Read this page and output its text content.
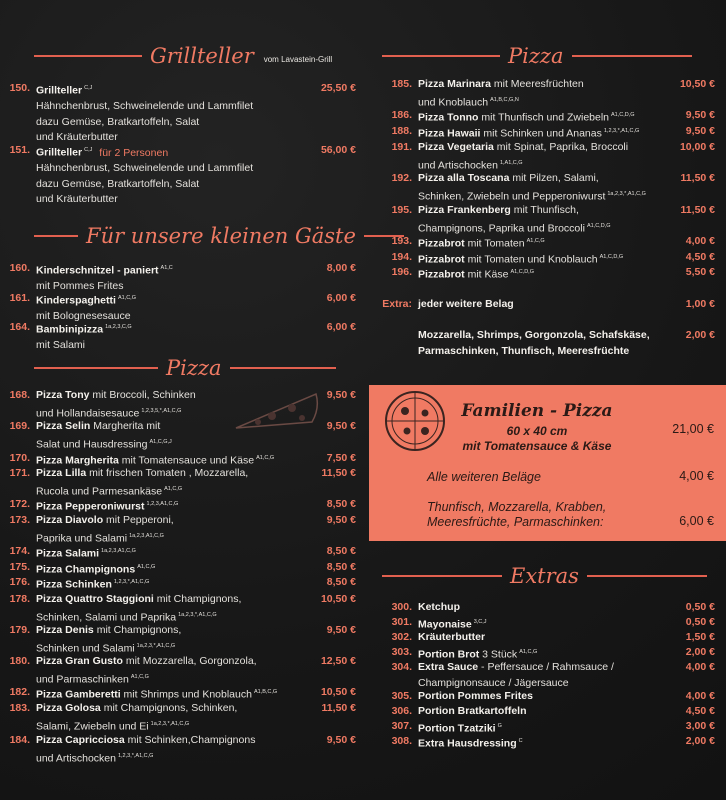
Grillteller	vom Lavastein-Grill
150. Grillteller $^{C,J}$
Hähnchenbrust, Schweinelende und Lammfilet
dazu Gemüse, Bratkartoffeln, Salat
und Kräuterbutter
25,50 €
151. Grillteller $^{C,J}$ für 2 Personen
Hähnchenbrust, Schweinelende und Lammfilet
dazu Gemüse, Bratkartoffeln, Salat
und Kräuterbutter
56,00 €
Für unsere kleinen Gäste
160. Kinderschnitzel - paniert $^{A1,C}$
mit Pommes Frites
8,00 €
161. Kinderspaghetti $^{A1,C,G}$
mit Bolognesesauce
6,00 €
164. Bambinipizza $^{1a,2,3,C,G}$
mit Salami
6,00 €
Pizza
168. Pizza Tony mit Broccoli, Schinken
und Hollandaisesauce $^{1,2,3,5,*,A1,C,G}$
9,50 €
169. Pizza Selin Margherita mit
Salat und Hausdressing $^{A1,C,G,J}$
9,50 €
170. Pizza Margherita mit Tomatensauce und Käse $^{A1,C,G}$	7,50 €
171. Pizza Lilla mit frischen Tomaten , Mozzarella,
Rucola und Parmesankäse $^{A1,C,G}$
11,50 €
172. Pizza Pepperoniwurst $^{1,2,3,A1,C,G}$	8,50 €
173. Pizza Diavolo mit Pepperoni,
Paprika und Salami $^{1a,2,3,A1,C,G}$
9,50 €
174. Pizza Salami $^{1a,2,3,A1,C,G}$	8,50 €
175. Pizza Champignons $^{A1,C,G}$	8,50 €
176. Pizza Schinken $^{1,2,3,*,A1,C,G}$	8,50 €
178. Pizza Quattro Staggioni mit Champignons,
Schinken, Salami und Paprika $^{1a,2,3,*,A1,C,G}$
10,50 €
179. Pizza Denis mit Champignons,
Schinken und Salami $^{1a,2,3,*,A1,C,G}$
9,50 €
180. Pizza Gran Gusto mit Mozzarella, Gorgonzola,
und Parmaschinken $^{A1,C,G}$
12,50 €
182. Pizza Gamberetti mit Shrimps und Knoblauch $^{A1,B,C,G}$	10,50 €
183. Pizza Golosa mit Champignons, Schinken,
Salami, Zwiebeln und Ei $^{1a,2,3,*,A1,C,G}$
11,50 €
184. Pizza Capricciosa mit Schinken,Champignons
und Artischocken $^{1,2,3,*,A1,C,G}$
9,50 €
Pizza
185. Pizza Marinara mit Meeresfrüchten
und Knoblauch $^{A1,B,C,G,N}$
10,50 €
186. Pizza Tonno mit Thunfisch und Zwiebeln $^{A1,C,D,G}$	9,50 €
188. Pizza Hawaii mit Schinken und Ananas $^{1,2,3,*,A1,C,G}$	9,50 €
191. Pizza Vegetaria mit Spinat, Paprika, Broccoli
und Artischocken $^{1,A1,C,G}$
10,00 €
192. Pizza alla Toscana mit Pilzen, Salami,
Schinken, Zwiebeln und Pepperoniwurst $^{1a,2,3,*,A1,C,G}$
11,50 €
195. Pizza Frankenberg mit Thunfisch,
Champignons, Paprika und Broccoli $^{A1,C,D,G}$
11,50 €
193. Pizzabrot mit Tomaten $^{A1,C,G}$	4,00 €
194. Pizzabrot mit Tomaten und Knoblauch $^{A1,C,D,G}$	4,50 €
196. Pizzabrot mit Käse $^{A1,C,D,G}$	5,50 €
Extra: jeder weitere Belag	1,00 €
Mozzarella, Shrimps, Gorgonzola, Schafskäse,
Parmaschinken, Thunfisch, Meeresfrüchte
2,00 €
Familien - Pizza
60 x 40 cm
mit Tomatensauce & Käse
21,00 €
Alle weiteren Beläge	4,00 €
Thunfisch, Mozzarella, Krabben,
Meeresfrüchte, Parmaschinken:	6,00 €
Extras
300. Ketchup	0,50 €
301. Mayonaise $^{3,C,J}$	0,50 €
302. Kräuterbutter	1,50 €
303. Portion Brot 3 Stück $^{A1,C,G}$	2,00 €
304. Extra Sauce - Peffersauce / Rahmsauce /
Champignonsauce / Jägersauce
4,00 €
305. Portion Pommes Frites	4,00 €
306. Portion Bratkartoffeln	4,50 €
307. Portion Tzatziki $^G$	3,00 €
308. Extra Hausdressing $^C$	2,00 €
